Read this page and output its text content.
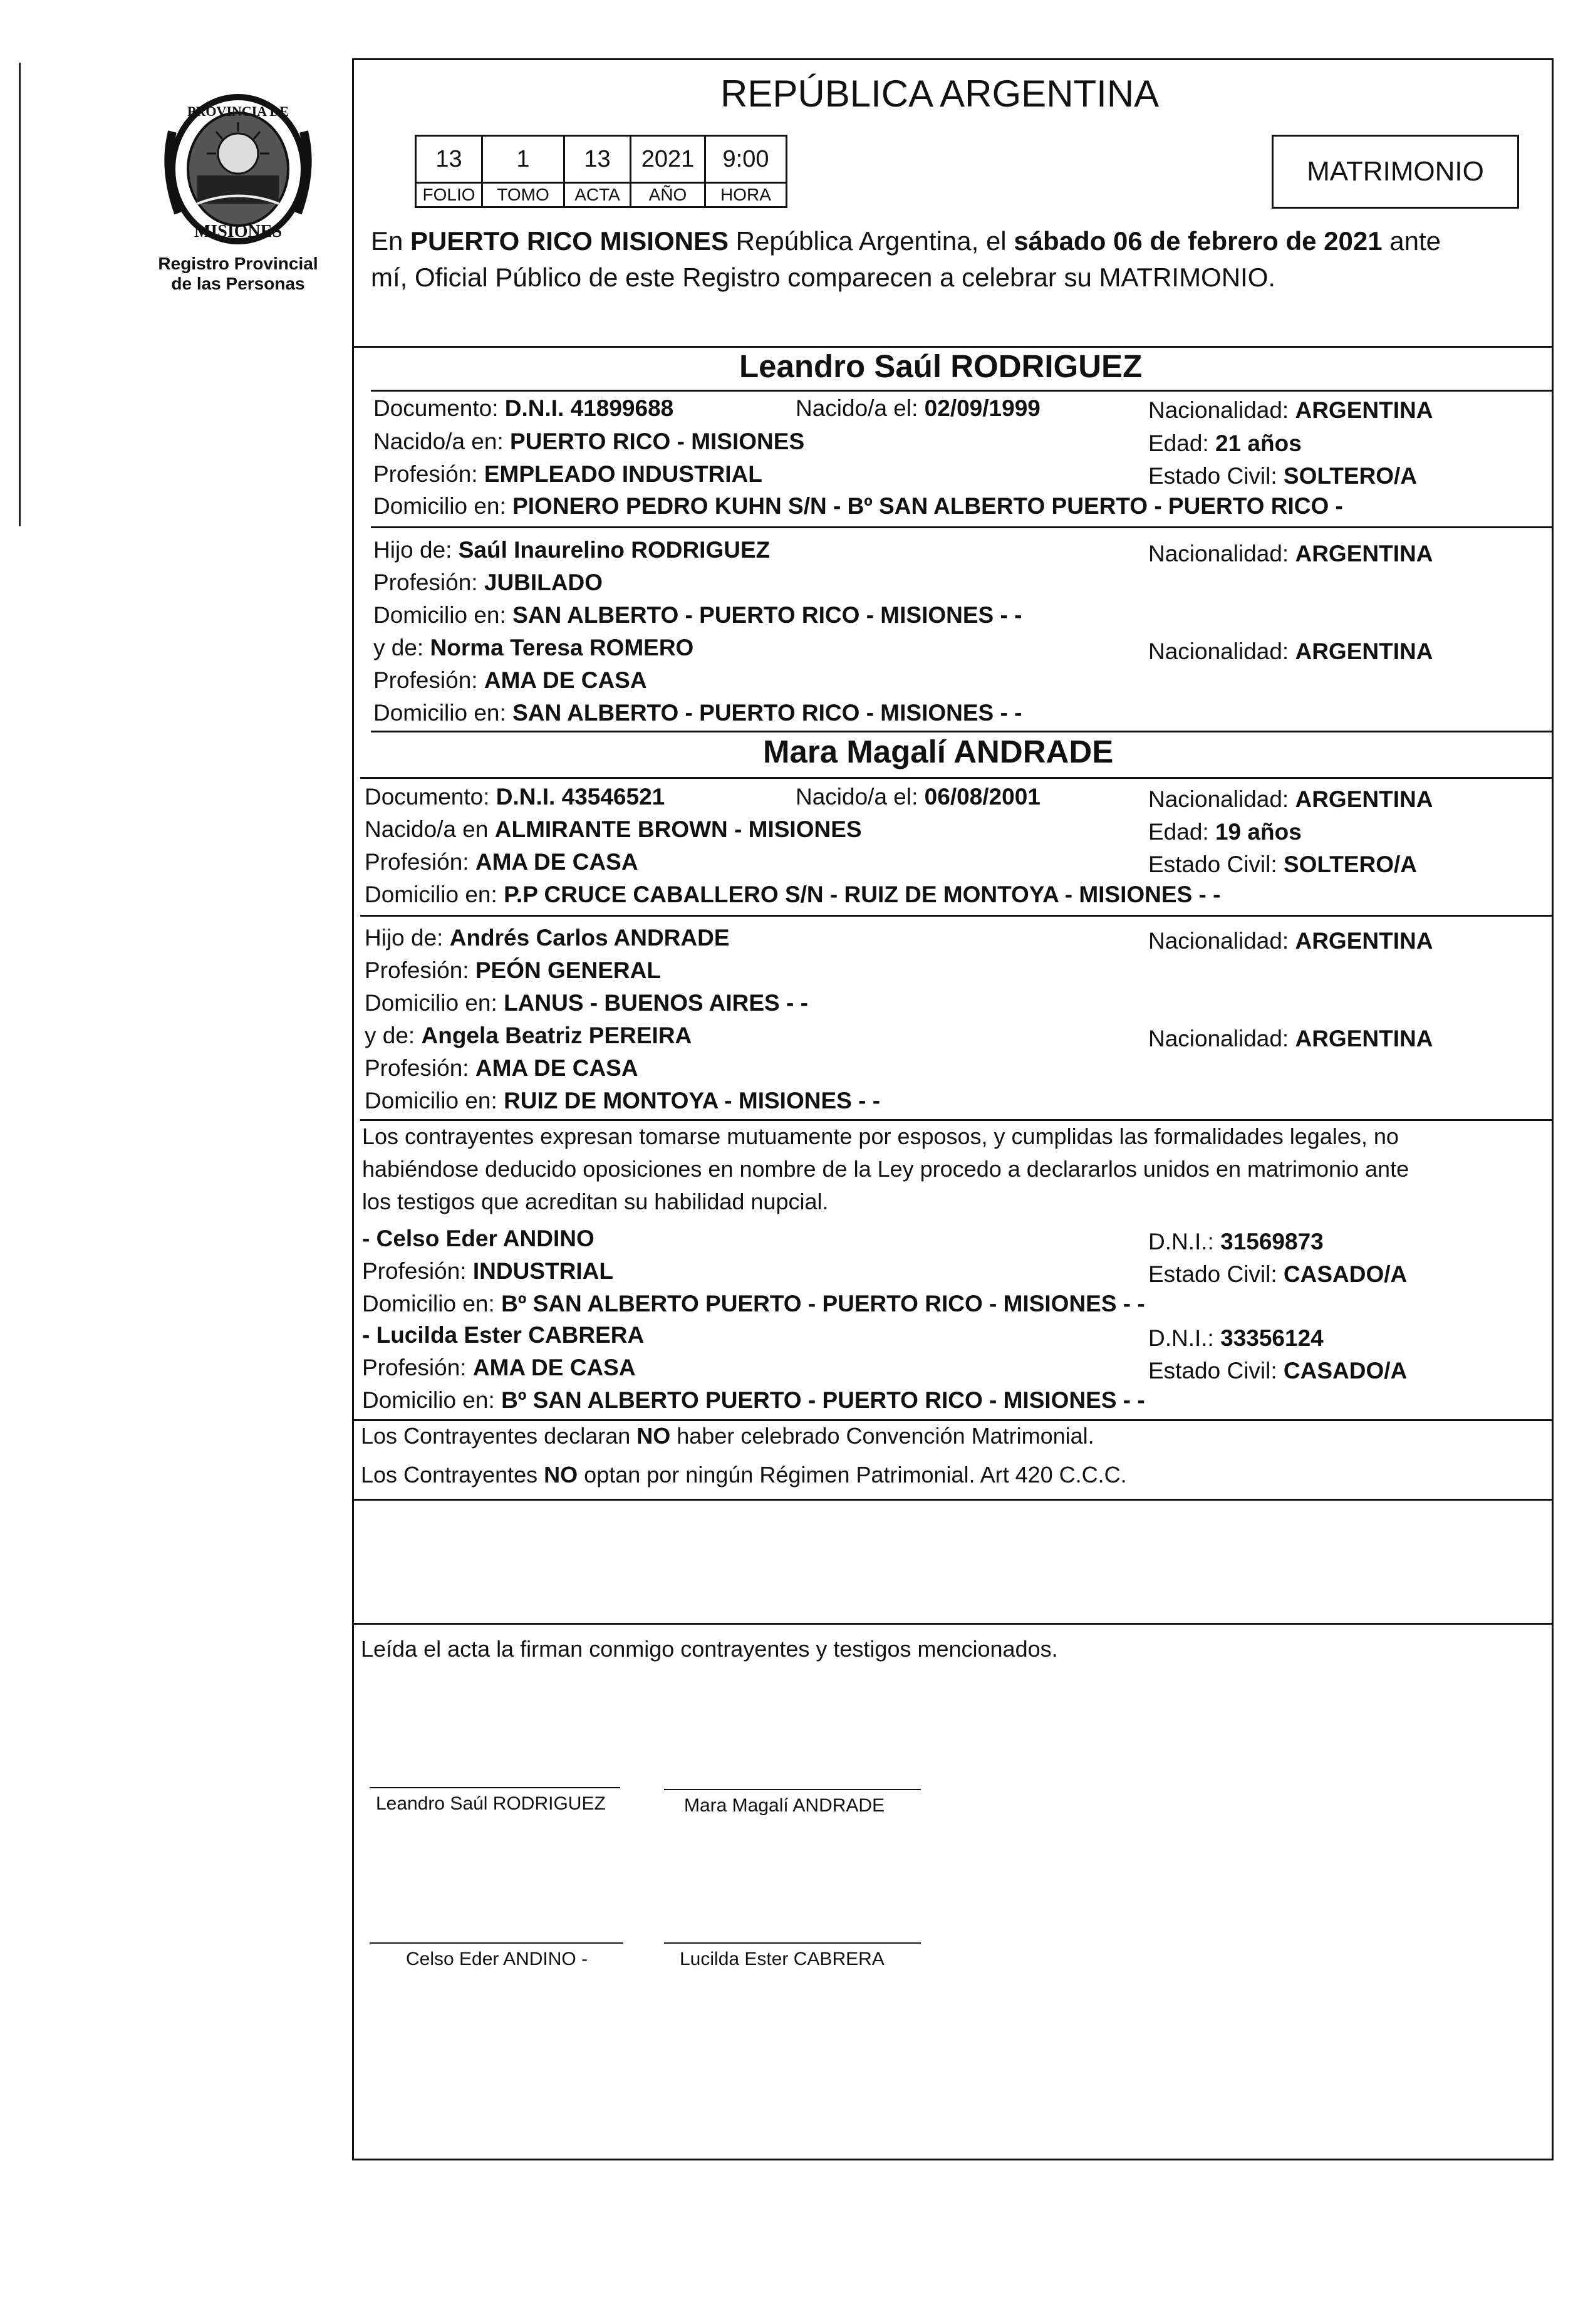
PROVINCIA DE
MISIONES
Registro Provincial
de las Personas
REPÚBLICA ARGENTINA
13	1	13	2021	9:00
FOLIO	TOMO	ACTA	AÑO	HORA
MATRIMONIO
En PUERTO RICO MISIONES República Argentina, el sábado 06 de febrero de 2021 ante
mí, Oficial Público de este Registro comparecen a celebrar su MATRIMONIO.
Leandro Saúl RODRIGUEZ
Documento: D.N.I. 41899688	Nacido/a el: 02/09/1999	Nacionalidad: ARGENTINA
Nacido/a en: PUERTO RICO - MISIONES	Edad: 21 años
Profesión: EMPLEADO INDUSTRIAL	Estado Civil: SOLTERO/A
Domicilio en: PIONERO PEDRO KUHN S/N - Bº SAN ALBERTO PUERTO - PUERTO RICO -
Hijo de: Saúl Inaurelino RODRIGUEZ	Nacionalidad: ARGENTINA
Profesión: JUBILADO
Domicilio en: SAN ALBERTO - PUERTO RICO - MISIONES - -
y de: Norma Teresa ROMERO	Nacionalidad: ARGENTINA
Profesión: AMA DE CASA
Domicilio en: SAN ALBERTO - PUERTO RICO - MISIONES - -
Mara Magalí ANDRADE
Documento: D.N.I. 43546521	Nacido/a el: 06/08/2001	Nacionalidad: ARGENTINA
Nacido/a en ALMIRANTE BROWN - MISIONES	Edad: 19 años
Profesión: AMA DE CASA	Estado Civil: SOLTERO/A
Domicilio en: P.P CRUCE CABALLERO S/N - RUIZ DE MONTOYA - MISIONES - -
Hijo de: Andrés Carlos ANDRADE	Nacionalidad: ARGENTINA
Profesión: PEÓN GENERAL
Domicilio en: LANUS - BUENOS AIRES - -
y de: Angela Beatriz PEREIRA	Nacionalidad: ARGENTINA
Profesión: AMA DE CASA
Domicilio en: RUIZ DE MONTOYA - MISIONES - -
Los contrayentes expresan tomarse mutuamente por esposos, y cumplidas las formalidades legales, no
habiéndose deducido oposiciones en nombre de la Ley procedo a declararlos unidos en matrimonio ante
los testigos que acreditan su habilidad nupcial.
- Celso Eder ANDINO	D.N.I.: 31569873
Profesión: INDUSTRIAL	Estado Civil: CASADO/A
Domicilio en: Bº SAN ALBERTO PUERTO - PUERTO RICO - MISIONES - -
- Lucilda Ester CABRERA	D.N.I.: 33356124
Profesión: AMA DE CASA	Estado Civil: CASADO/A
Domicilio en: Bº SAN ALBERTO PUERTO - PUERTO RICO - MISIONES - -
Los Contrayentes declaran NO haber celebrado Convención Matrimonial.
Los Contrayentes NO optan por ningún Régimen Patrimonial. Art 420 C.C.C.
Leída el acta la firman conmigo contrayentes y testigos mencionados.
Leandro Saúl RODRIGUEZ	Mara Magalí ANDRADE
Celso Eder ANDINO -	Lucilda Ester CABRERA
